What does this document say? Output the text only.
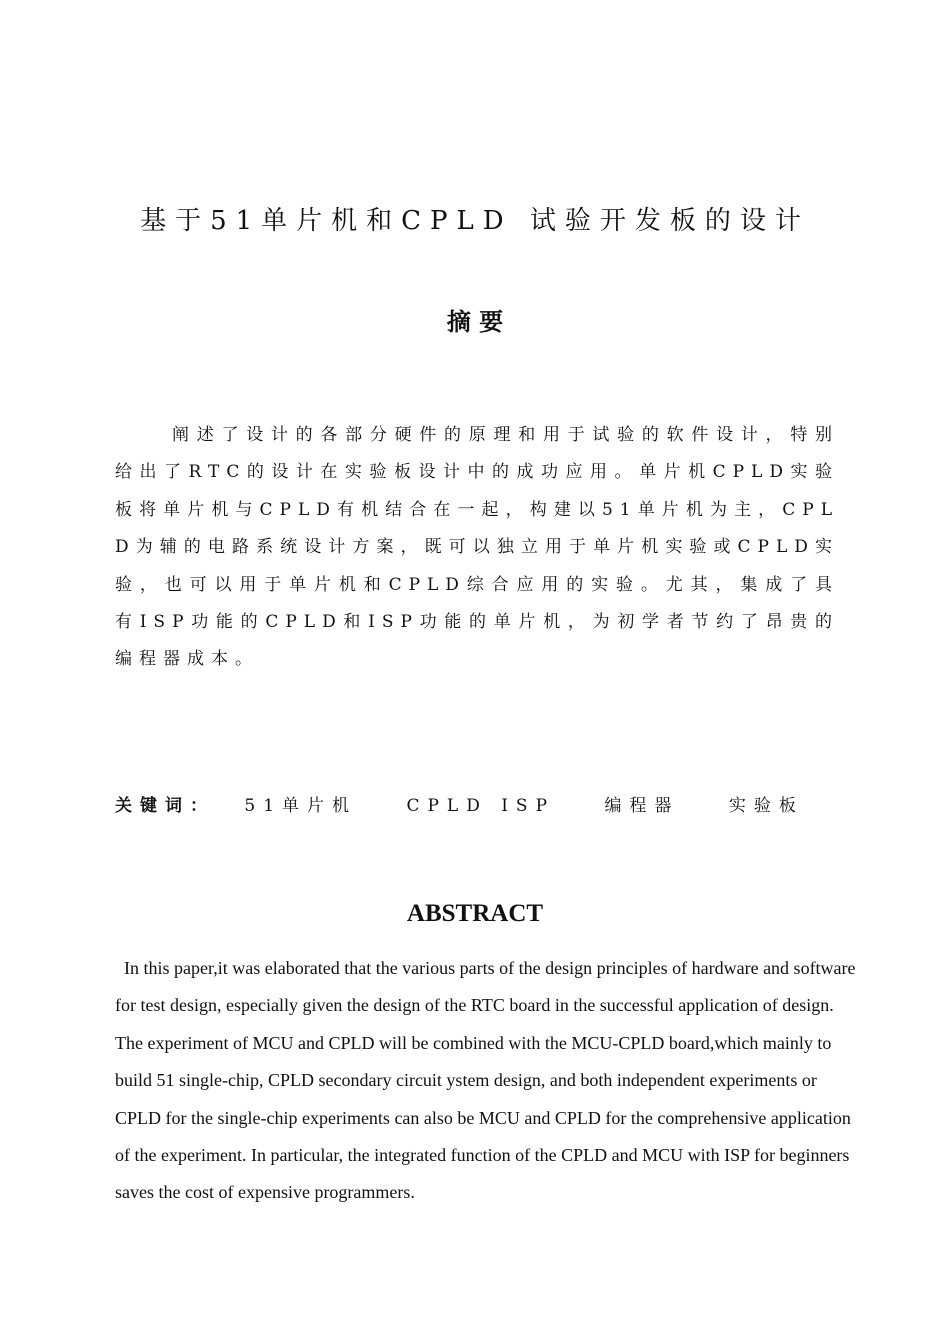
基于51单片机和CPLD 试验开发板的设计
摘 要

阐述了设计的各部分硬件的原理和用于试验的软件设计，特别给出了RTC的设计在实验板设计中的成功应用。单片机CPLD实验板将单片机与CPLD有机结合在一起，构建以51单片机为主，CPLD为辅的电路系统设计方案，既可以独立用于单片机实验或CPLD实验，也可以用于单片机和CPLD综合应用的实验。尤其，集成了具有ISP功能的CPLD和ISP功能的单片机，为初学者节约了昂贵的编程器成本。

关键词： 51单片机	CPLD ISP	编程器	实验板
ABSTRACT

In this paper,it was elaborated that the various parts of the design principles of hardware and software for test design, especially given the design of the RTC board in the successful application of design. The experiment of MCU and CPLD will be combined with the MCU-CPLD board,which mainly to build 51 single-chip, CPLD secondary circuit ystem design, and both independent experiments or CPLD for the single-chip experiments can also be MCU and CPLD for the comprehensive application of the experiment. In particular, the integrated function of the CPLD and MCU with ISP for beginners saves the cost of expensive programmers.
